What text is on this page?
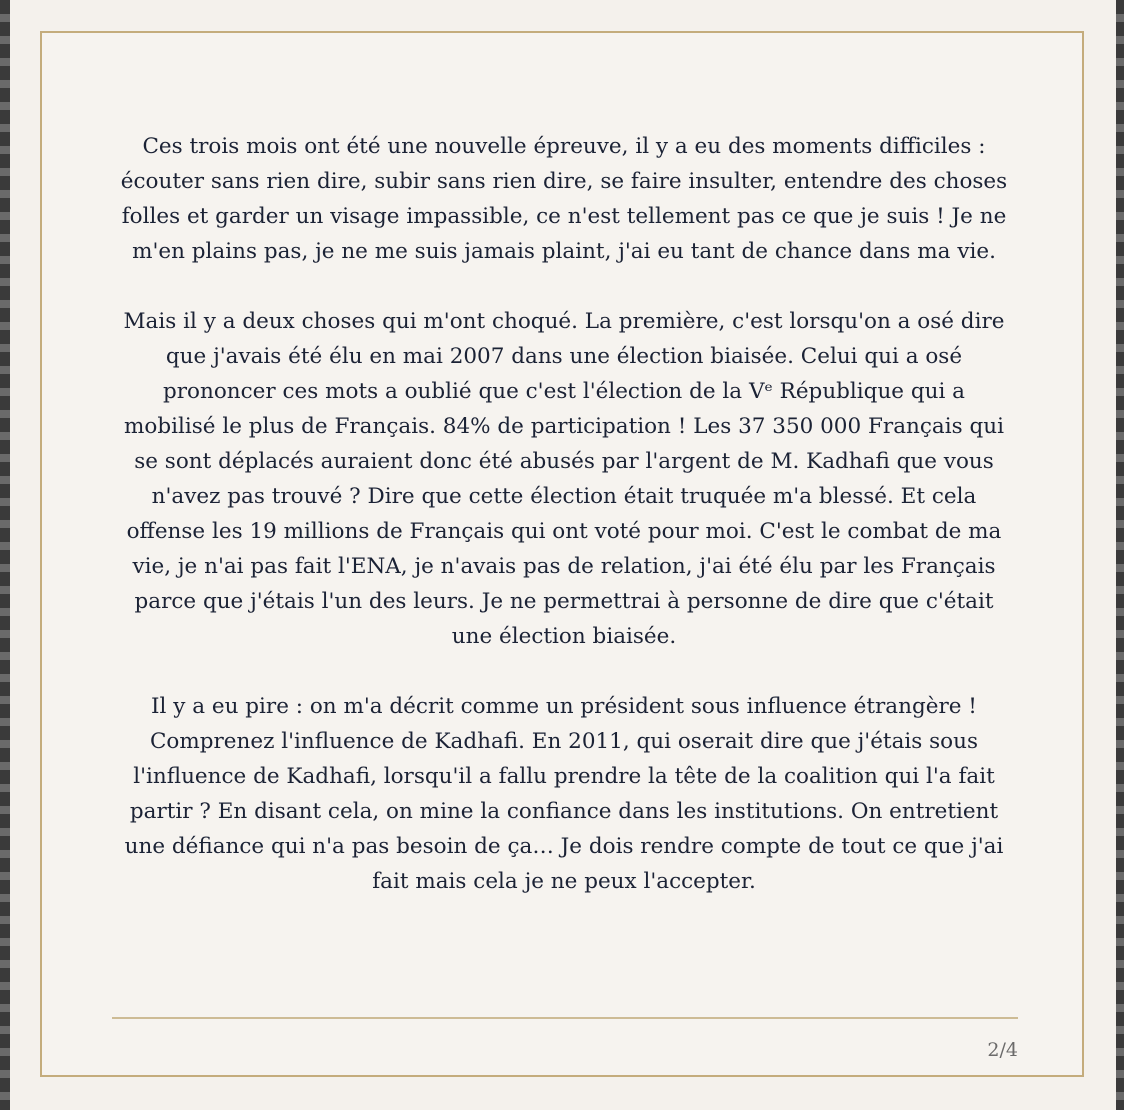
Ces trois mois ont été une nouvelle épreuve, il y a eu des moments difficiles : écouter sans rien dire, subir sans rien dire, se faire insulter, entendre des choses folles et garder un visage impassible, ce n'est tellement pas ce que je suis ! Je ne m'en plains pas, je ne me suis jamais plaint, j'ai eu tant de chance dans ma vie.

Mais il y a deux choses qui m'ont choqué. La première, c'est lorsqu'on a osé dire que j'avais été élu en mai 2007 dans une élection biaisée. Celui qui a osé prononcer ces mots a oublié que c'est l'élection de la Vᵉ République qui a mobilisé le plus de Français. 84% de participation ! Les 37 350 000 Français qui se sont déplacés auraient donc été abusés par l'argent de M. Kadhafi que vous n'avez pas trouvé ? Dire que cette élection était truquée m'a blessé. Et cela offense les 19 millions de Français qui ont voté pour moi. C'est le combat de ma vie, je n'ai pas fait l'ENA, je n'avais pas de relation, j'ai été élu par les Français parce que j'étais l'un des leurs. Je ne permettrai à personne de dire que c'était une élection biaisée.

Il y a eu pire : on m'a décrit comme un président sous influence étrangère ! Comprenez l'influence de Kadhafi. En 2011, qui oserait dire que j'étais sous l'influence de Kadhafi, lorsqu'il a fallu prendre la tête de la coalition qui l'a fait partir ? En disant cela, on mine la confiance dans les institutions. On entretient une défiance qui n'a pas besoin de ça… Je dois rendre compte de tout ce que j'ai fait mais cela je ne peux l'accepter.

2/4
